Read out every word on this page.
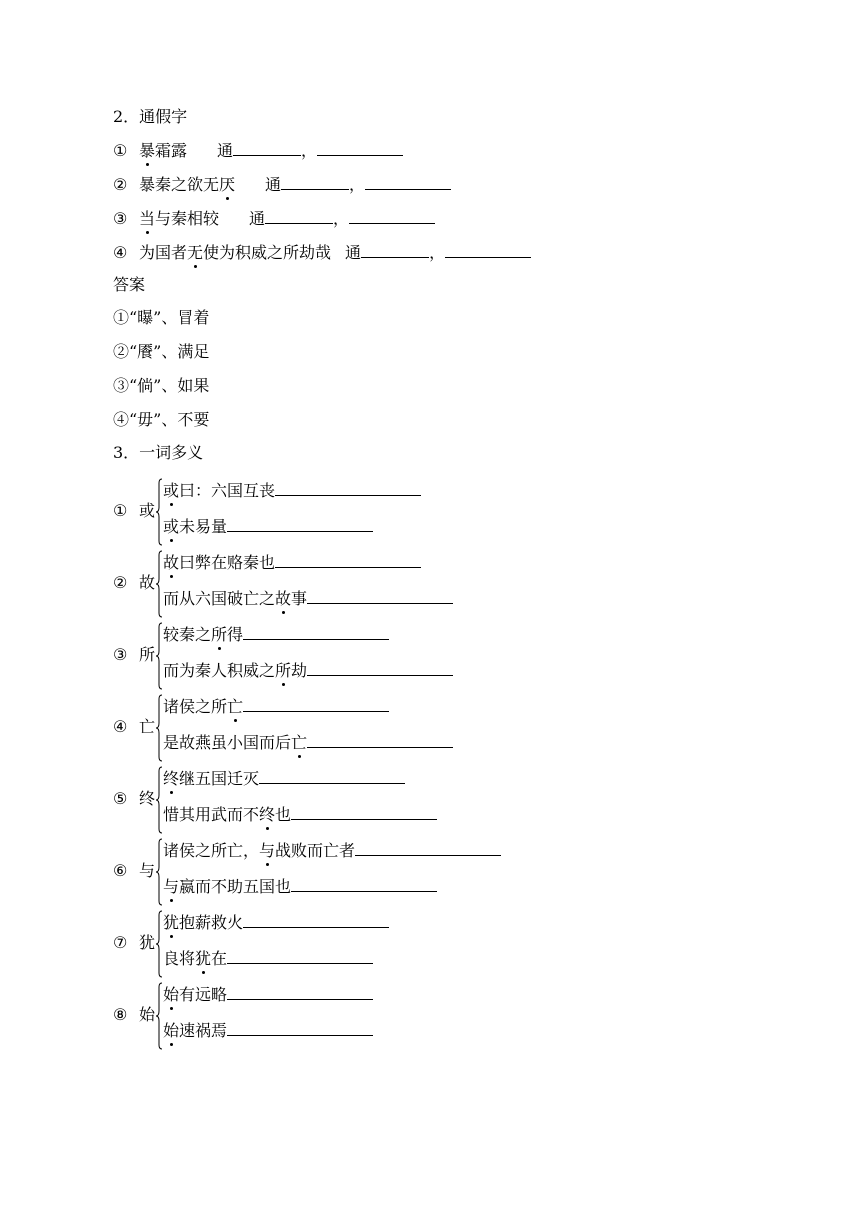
2．通假字
① 暴霜露 通	，
② 暴秦之欲无厌 通	，
③ 当与秦相较 通	，
④ 为国者无使为积威之所劫哉 通	，
答案
①“曝”、冒着
②“餍”、满足
③“倘”、如果
④“毋”、不要
3．一词多义
① 或
或曰：六国互丧
或未易量
② 故
故曰弊在赂秦也
而从六国破亡之故事
③ 所
较秦之所得
而为秦人积威之所劫
④ 亡
诸侯之所亡
是故燕虽小国而后亡
⑤ 终
终继五国迁灭
惜其用武而不终也
⑥ 与
诸侯之所亡，与战败而亡者
与嬴而不助五国也
⑦ 犹
犹抱薪救火
良将犹在
⑧ 始
始有远略
始速祸焉
